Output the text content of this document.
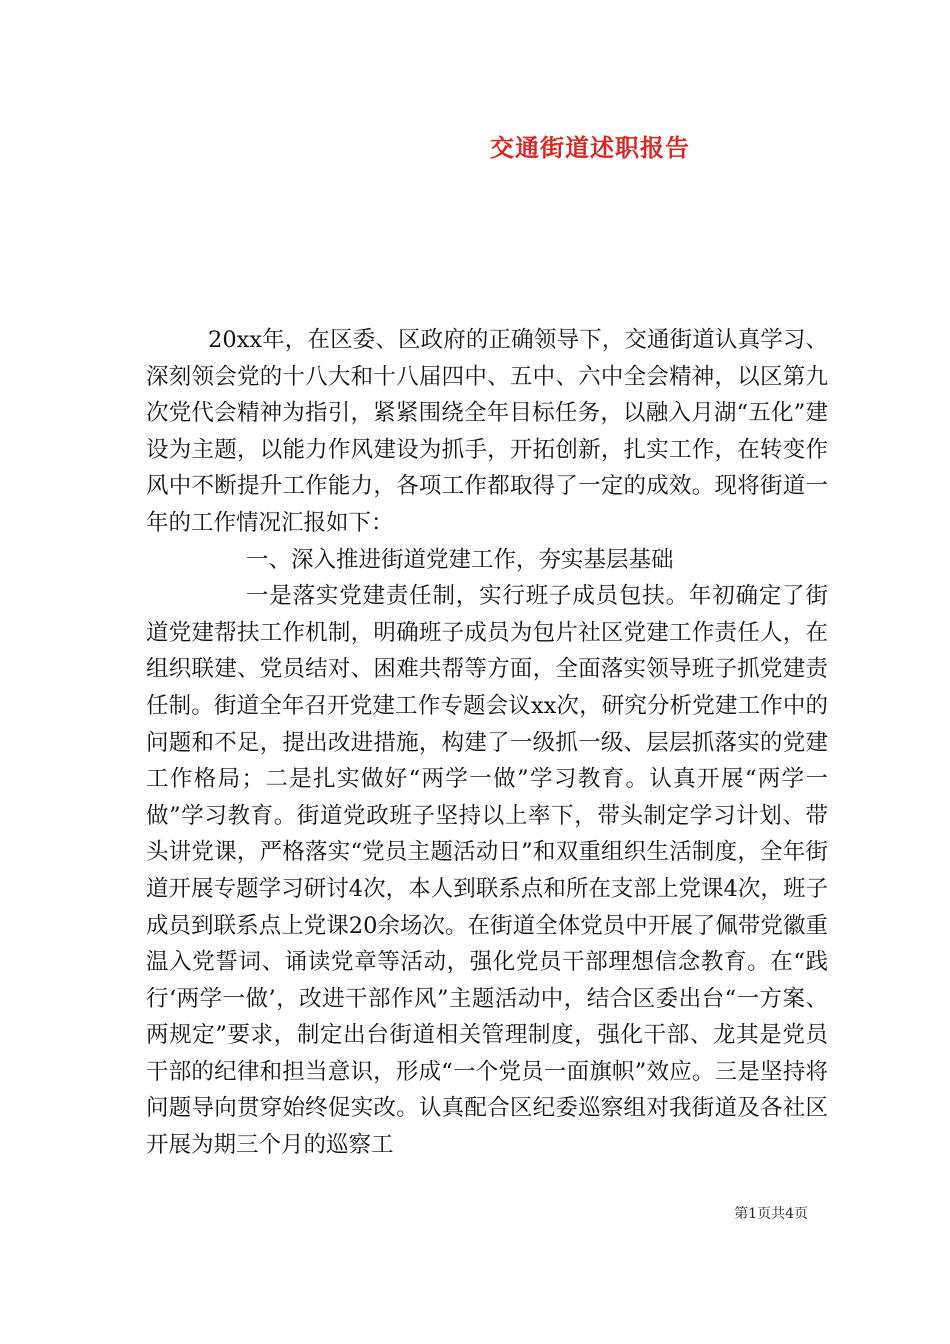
交通街道述职报告

20xx年，在区委、区政府的正确领导下，交通街道认真学习、深刻领会党的十八大和十八届四中、五中、六中全会精神，以区第九次党代会精神为指引，紧紧围绕全年目标任务，以融入月湖“五化”建设为主题，以能力作风建设为抓手，开拓创新，扎实工作，在转变作风中不断提升工作能力，各项工作都取得了一定的成效。现将街道一年的工作情况汇报如下：

一、深入推进街道党建工作，夯实基层基础

一是落实党建责任制，实行班子成员包扶。年初确定了街道党建帮扶工作机制，明确班子成员为包片社区党建工作责任人，在组织联建、党员结对、困难共帮等方面，全面落实领导班子抓党建责任制。街道全年召开党建工作专题会议xx次，研究分析党建工作中的问题和不足，提出改进措施，构建了一级抓一级、层层抓落实的党建工作格局；二是扎实做好“两学一做”学习教育。认真开展“两学一做”学习教育。街道党政班子坚持以上率下，带头制定学习计划、带头讲党课，严格落实“党员主题活动日”和双重组织生活制度，全年街道开展专题学习研讨4次，本人到联系点和所在支部上党课4次，班子成员到联系点上党课20余场次。在街道全体党员中开展了佩带党徽重温入党誓词、诵读党章等活动，强化党员干部理想信念教育。在“践行‘两学一做’，改进干部作风”主题活动中，结合区委出台“一方案、两规定”要求，制定出台街道相关管理制度，强化干部、龙其是党员干部的纪律和担当意识，形成“一个党员一面旗帜”效应。三是坚持将问题导向贯穿始终促实改。认真配合区纪委巡察组对我街道及各社区开展为期三个月的巡察工

第1页共4页
